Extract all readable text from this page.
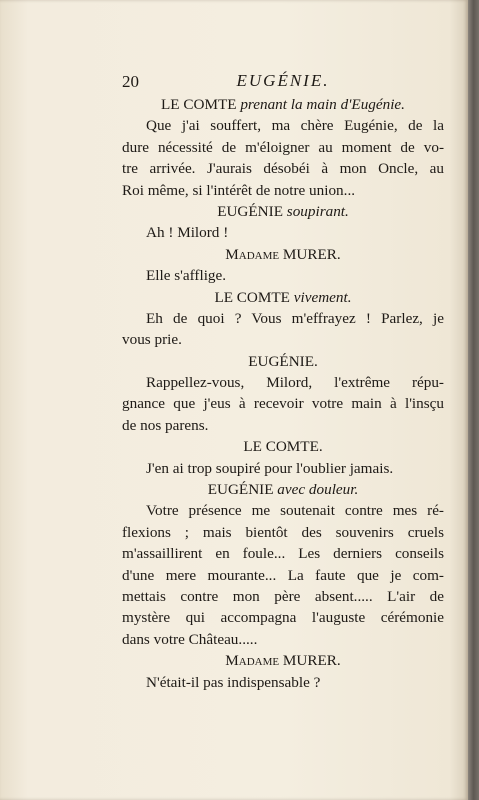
20	EUGÉNIE.
LE COMTE prenant la main d'Eugénie.
Que j'ai souffert, ma chère Eugénie, de la
dure nécessité de m'éloigner au moment de vo-
tre arrivée. J'aurais désobéi à mon Oncle, au
Roi même, si l'intérêt de notre union...
EUGÉNIE soupirant.
Ah ! Milord !
Madame MURER.
Elle s'afflige.
LE COMTE vivement.
Eh de quoi ? Vous m'effrayez ! Parlez, je
vous prie.
EUGÉNIE.
Rappellez-vous, Milord, l'extrême répu-
gnance que j'eus à recevoir votre main à l'insçu
de nos parens.
LE COMTE.
J'en ai trop soupiré pour l'oublier jamais.
EUGÉNIE avec douleur.
Votre présence me soutenait contre mes ré-
flexions ; mais bientôt des souvenirs cruels
m'assaillirent en foule... Les derniers conseils
d'une mere mourante... La faute que je com-
mettais contre mon père absent..... L'air de
mystère qui accompagna l'auguste cérémonie
dans votre Château.....
Madame MURER.
N'était-il pas indispensable ?
